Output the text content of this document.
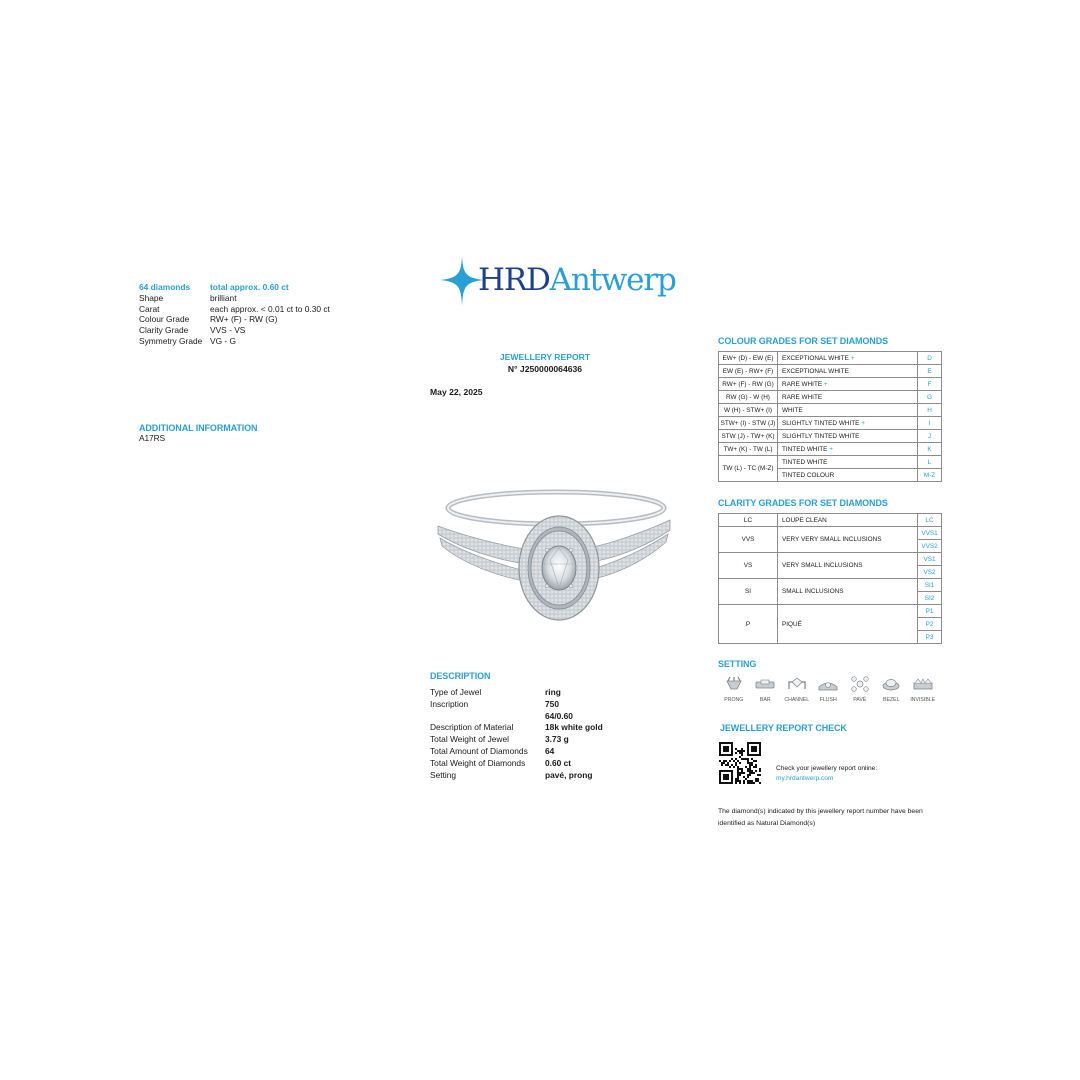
64 diamonds	total approx. 0.60 ct
Shape	brilliant
Carat	each approx. < 0.01 ct to 0.30 ct
Colour Grade	RW+ (F) - RW (G)
Clarity Grade	VVS - VS
Symmetry Grade VG - G
ADDITIONAL INFORMATION
A17RS
HRDAntwerp
JEWELLERY REPORT
N° J250000064636
May 22, 2025
DESCRIPTION
Type of Jewel	ring
Inscription	750
64/0.60
Description of Material	18k white gold
Total Weight of Jewel	3.73 g
Total Amount of Diamonds	64
Total Weight of Diamonds	0.60 ct
Setting	pavé, prong
COLOUR GRADES FOR SET DIAMONDS
EW+ (D) - EW (E)	EXCEPTIONAL WHITE +	D
EW (E) - RW+ (F)	EXCEPTIONAL WHITE	E
RW+ (F) - RW (G)	RARE WHITE +	F
RW (G) - W (H)	RARE WHITE	G
W (H) - STW+ (I)	WHITE	H
STW+ (I) - STW (J)	SLIGHTLY TINTED WHITE +	I
STW (J) - TW+ (K)	SLIGHTLY TINTED WHITE	J
TW+ (K) - TW (L)	TINTED WHITE +	K
TW (L) - TC (M-Z)	TINTED WHITE	L
	TINTED COLOUR	M-Z
CLARITY GRADES FOR SET DIAMONDS
LC	LOUPE CLEAN	LC
VVS	VERY VERY SMALL INCLUSIONS	VVS1
		VVS2
VS	VERY SMALL INCLUSIONS	VS1
		VS2
SI	SMALL INCLUSIONS	SI1
		SI2
P	PIQUÉ	P1
		P2
		P3
SETTING
PRONG	BAR	CHANNEL FLUSH	PAVÉ	BEZEL INVISIBLE
JEWELLERY REPORT CHECK
Check your jewellery report online:
my.hrdantwerp.com
The diamond(s) indicated by this jewellery report number have been
identified as Natural Diamond(s)
